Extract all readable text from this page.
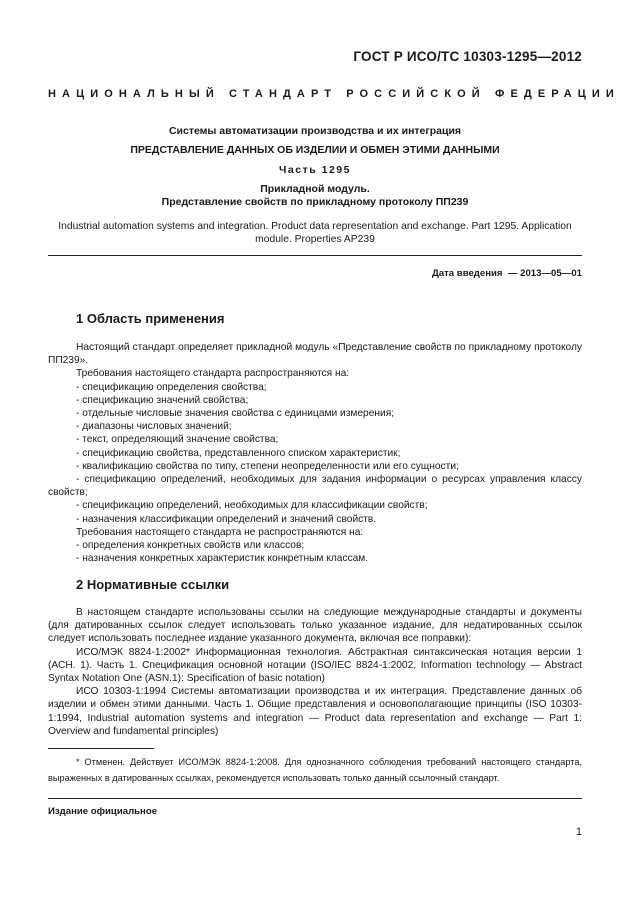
ГОСТ Р ИСО/ТС 10303-1295—2012
НАЦИОНАЛЬНЫЙ СТАНДАРТ РОССИЙСКОЙ ФЕДЕРАЦИИ
Системы автоматизации производства и их интеграция
ПРЕДСТАВЛЕНИЕ ДАННЫХ ОБ ИЗДЕЛИИ И ОБМЕН ЭТИМИ ДАННЫМИ
Часть 1295
Прикладной модуль.
Представление свойств по прикладному протоколу ПП239
Industrial automation systems and integration. Product data representation and exchange. Part 1295. Application module. Properties AP239
Дата введения  — 2013—05—01
1 Область применения

Настоящий стандарт определяет прикладной модуль «Представление свойств по прикладному протоколу ПП239».

Требования настоящего стандарта распространяются на:

- спецификацию определения свойства;

- спецификацию значений свойства;

- отдельные числовые значения свойства с единицами измерения;

- диапазоны числовых значений;

- текст, определяющий значение свойства;

- спецификацию свойства, представленного списком характеристик;

- квалификацию свойства по типу, степени неопределенности или его сущности;

- спецификацию определений, необходимых для задания информации о ресурсах управления классу свойств;

- спецификацию определений, необходимых для классификации свойств;

- назначения классификации определений и значений свойств.

Требования настоящего стандарта не распространяются на:

- определения конкретных свойств или классов;

- назначения конкретных характеристик конкретным классам.

2 Нормативные ссылки

В настоящем стандарте использованы ссылки на следующие международные стандарты и документы (для датированных ссылок следует использовать только указанное издание, для недатированных ссылок следует использовать последнее издание указанного документа, включая все поправки):

ИСО/МЭК 8824-1:2002* Информационная технология. Абстрактная синтаксическая нотация версии 1 (АСН. 1). Часть 1. Спецификация основной нотации (ISO/IEC 8824-1:2002, Information technology — Abstract Syntax Notation One (ASN.1): Specification of basic notation)

ИСО 10303-1:1994 Системы автоматизации производства и их интеграция. Представление данных об изделии и обмен этими данными. Часть 1. Общие представления и основополагающие принципы (ISO 10303-1:1994, Industrial automation systems and integration — Product data representation and exchange — Part 1: Overview and fundamental principles)

* Отменен. Действует ИСО/МЭК 8824-1:2008. Для однозначного соблюдения требований настоящего стандарта, выраженных в датированных ссылках, рекомендуется использовать только данный ссылочный стандарт.
Издание официальное
1
